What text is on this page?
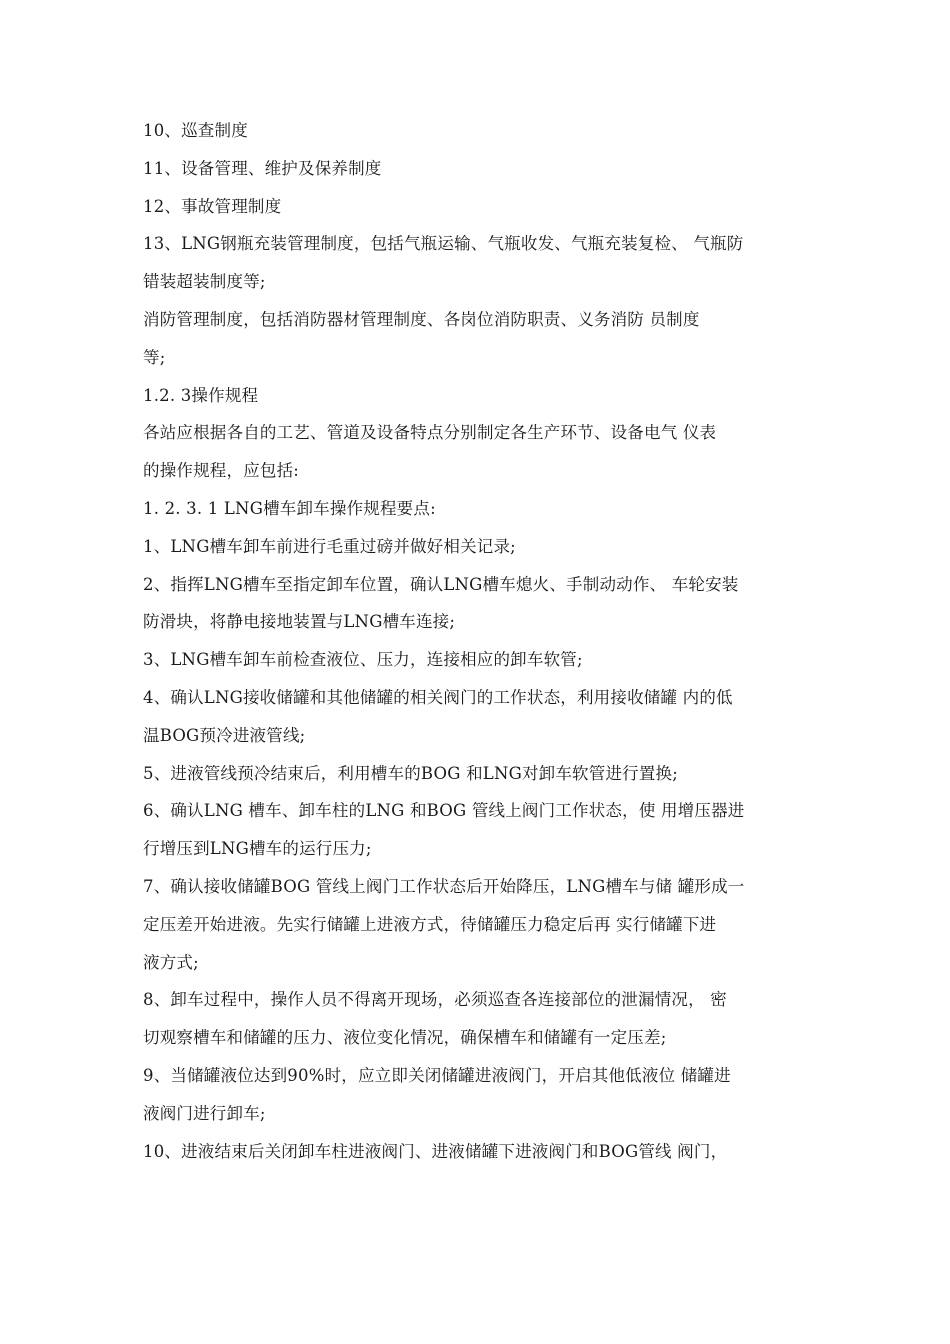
10、巡查制度
11、设备管理、维护及保养制度
12、事故管理制度
13、LNG钢瓶充装管理制度，包括气瓶运输、气瓶收发、气瓶充装复检、 气瓶防
错装超装制度等;
消防管理制度，包括消防器材管理制度、各岗位消防职责、义务消防 员制度
等;
1.2. 3操作规程
各站应根据各自的工艺、管道及设备特点分别制定各生产环节、设备电气 仪表
的操作规程，应包括:
1. 2. 3. 1 LNG槽车卸车操作规程要点:
1、LNG槽车卸车前进行毛重过磅并做好相关记录;
2、指挥LNG槽车至指定卸车位置，确认LNG槽车熄火、手制动动作、 车轮安装
防滑块，将静电接地装置与LNG槽车连接;
3、LNG槽车卸车前检查液位、压力，连接相应的卸车软管;
4、确认LNG接收储罐和其他储罐的相关阀门的工作状态，利用接收储罐 内的低
温BOG预冷进液管线;
5、进液管线预冷结束后，利用槽车的BOG 和LNG对卸车软管进行置换;
6、确认LNG 槽车、卸车柱的LNG 和BOG 管线上阀门工作状态，使 用增压器进
行增压到LNG槽车的运行压力;
7、确认接收储罐BOG 管线上阀门工作状态后开始降压，LNG槽车与储 罐形成一
定压差开始进液。先实行储罐上进液方式，待储罐压力稳定后再 实行储罐下进
液方式;
8、卸车过程中，操作人员不得离开现场，必须巡查各连接部位的泄漏情况， 密
切观察槽车和储罐的压力、液位变化情况，确保槽车和储罐有一定压差;
9、当储罐液位达到90%时，应立即关闭储罐进液阀门，开启其他低液位 储罐进
液阀门进行卸车;
10、进液结束后关闭卸车柱进液阀门、进液储罐下进液阀门和BOG管线 阀门，
